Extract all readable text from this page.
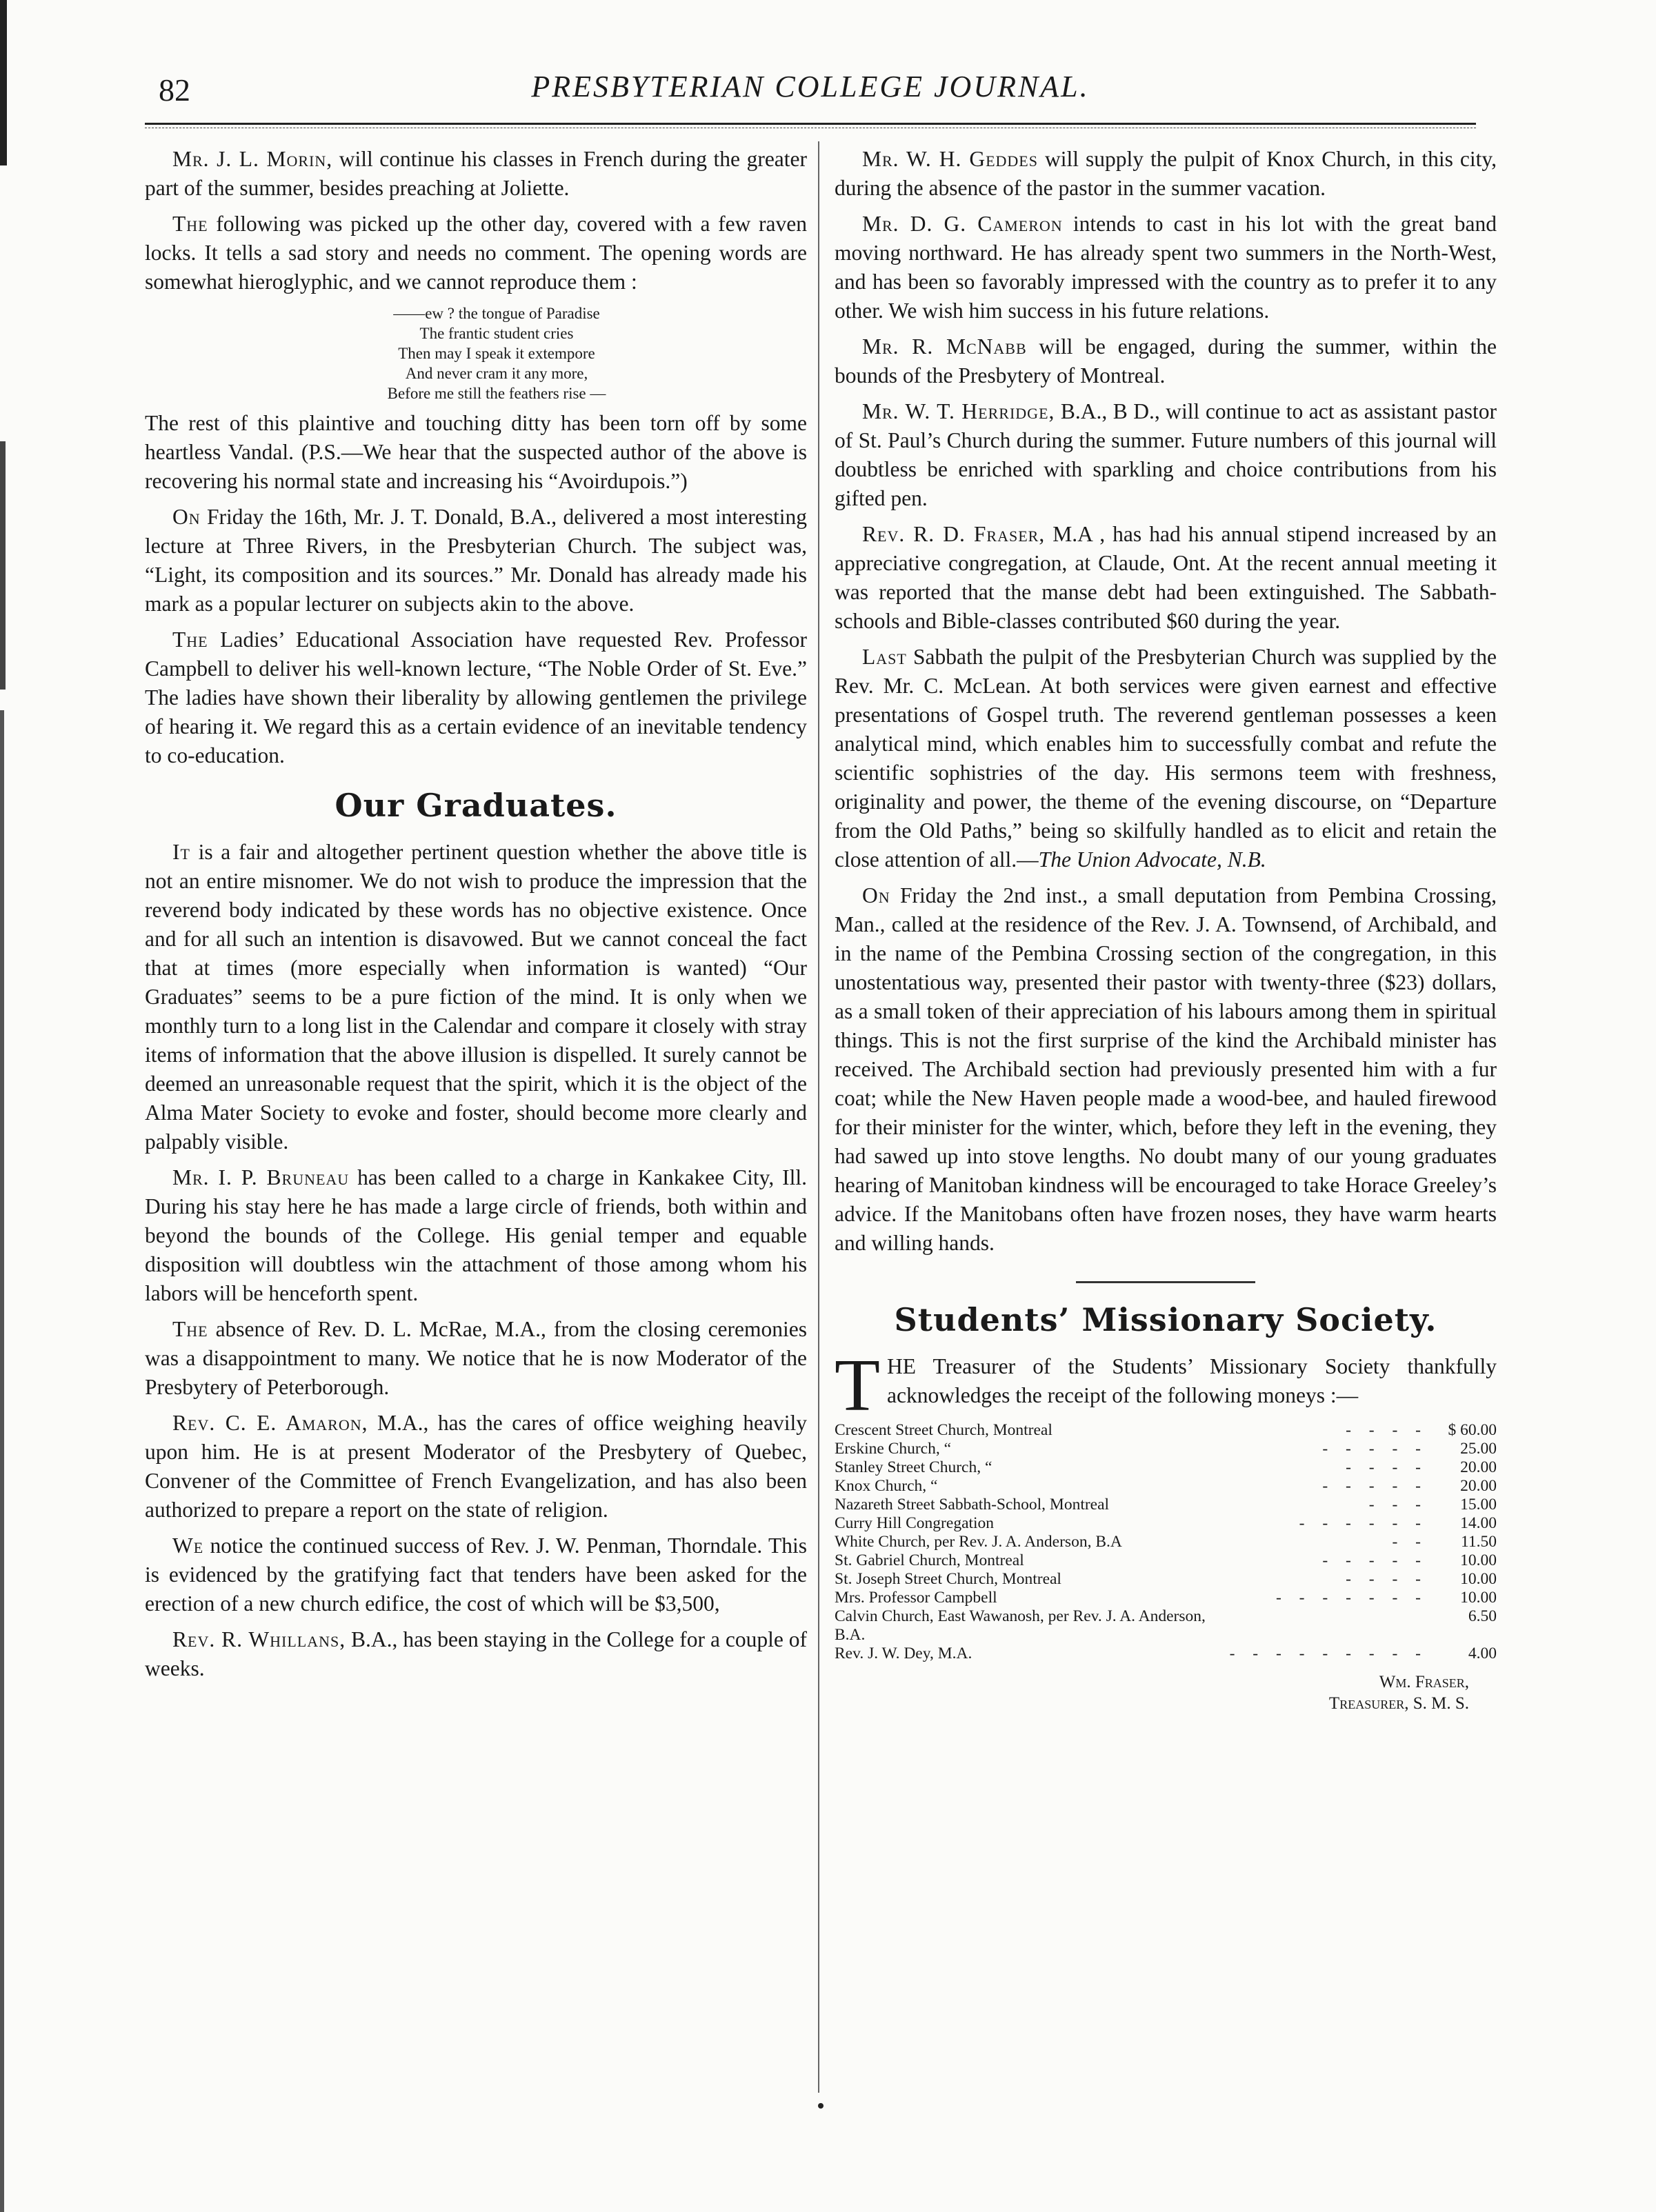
82	PRESBYTERIAN COLLEGE JOURNAL.

Mr. J. L. Morin, will continue his classes in French during the greater part of the summer, besides preaching at Joliette.

The following was picked up the other day, covered with a few raven locks. It tells a sad story and needs no comment. The opening words are somewhat hieroglyphic, and we cannot reproduce them :

——ew ? the tongue of Paradise
The frantic student cries
Then may I speak it extempore
And never cram it any more,
Before me still the feathers rise —

The rest of this plaintive and touching ditty has been torn off by some heartless Vandal. (P.S.—We hear that the suspected author of the above is recovering his normal state and increasing his “Avoirdupois.”)

On Friday the 16th, Mr. J. T. Donald, B.A., delivered a most interesting lecture at Three Rivers, in the Presbyterian Church. The subject was, “Light, its composition and its sources.” Mr. Donald has already made his mark as a popular lecturer on subjects akin to the above.

The Ladies’ Educational Association have requested Rev. Professor Campbell to deliver his well-known lecture, “The Noble Order of St. Eve.” The ladies have shown their liberality by allowing gentlemen the privilege of hearing it. We regard this as a certain evidence of an inevitable tendency to co-education.

Our Graduates.

It is a fair and altogether pertinent question whether the above title is not an entire misnomer. We do not wish to produce the impression that the reverend body indicated by these words has no objective existence. Once and for all such an intention is disavowed. But we cannot conceal the fact that at times (more especially when information is wanted) “Our Graduates” seems to be a pure fiction of the mind. It is only when we monthly turn to a long list in the Calendar and compare it closely with stray items of information that the above illusion is dispelled. It surely cannot be deemed an unreasonable request that the spirit, which it is the object of the Alma Mater Society to evoke and foster, should become more clearly and palpably visible.

Mr. I. P. Bruneau has been called to a charge in Kankakee City, Ill. During his stay here he has made a large circle of friends, both within and beyond the bounds of the College. His genial temper and equable disposition will doubtless win the attachment of those among whom his labors will be henceforth spent.

The absence of Rev. D. L. McRae, M.A., from the closing ceremonies was a disappointment to many. We notice that he is now Moderator of the Presbytery of Peterborough.

Rev. C. E. Amaron, M.A., has the cares of office weighing heavily upon him. He is at present Moderator of the Presbytery of Quebec, Convener of the Committee of French Evangelization, and has also been authorized to prepare a report on the state of religion.

We notice the continued success of Rev. J. W. Penman, Thorndale. This is evidenced by the gratifying fact that tenders have been asked for the erection of a new church edifice, the cost of which will be $3,500,

Rev. R. Whillans, B.A., has been staying in the College for a couple of weeks.

Mr. W. H. Geddes will supply the pulpit of Knox Church, in this city, during the absence of the pastor in the summer vacation.

Mr. D. G. Cameron intends to cast in his lot with the great band moving northward. He has already spent two summers in the North-West, and has been so favorably impressed with the country as to prefer it to any other. We wish him success in his future relations.

Mr. R. McNabb will be engaged, during the summer, within the bounds of the Presbytery of Montreal.

Mr. W. T. Herridge, B.A., B D., will continue to act as assistant pastor of St. Paul’s Church during the summer. Future numbers of this journal will doubtless be enriched with sparkling and choice contributions from his gifted pen.

Rev. R. D. Fraser, M.A , has had his annual stipend increased by an appreciative congregation, at Claude, Ont. At the recent annual meeting it was reported that the manse debt had been extinguished. The Sabbath-schools and Bible-classes contributed $60 during the year.

Last Sabbath the pulpit of the Presbyterian Church was supplied by the Rev. Mr. C. McLean. At both services were given earnest and effective presentations of Gospel truth. The reverend gentleman possesses a keen analytical mind, which enables him to successfully combat and refute the scientific sophistries of the day. His sermons teem with freshness, originality and power, the theme of the evening discourse, on “Departure from the Old Paths,” being so skilfully handled as to elicit and retain the close attention of all.—The Union Advocate, N.B.

On Friday the 2nd inst., a small deputation from Pembina Crossing, Man., called at the residence of the Rev. J. A. Townsend, of Archibald, and in the name of the Pembina Crossing section of the congregation, in this unostentatious way, presented their pastor with twenty-three ($23) dollars, as a small token of their appreciation of his labours among them in spiritual things. This is not the first surprise of the kind the Archibald minister has received. The Archibald section had previously presented him with a fur coat; while the New Haven people made a wood-bee, and hauled firewood for their minister for the winter, which, before they left in the evening, they had sawed up into stove lengths. No doubt many of our young graduates hearing of Manitoban kindness will be encouraged to take Horace Greeley’s advice. If the Manitobans often have frozen noses, they have warm hearts and willing hands.

Students’ Missionary Society.
THE Treasurer of the Students’ Missionary Society thankfully acknowledges the receipt of the following moneys :—
Crescent Street Church, Montreal	- - - -	$ 60.00
Erskine Church, “	- - - - -	25.00
Stanley Street Church, “	- - - -	20.00
Knox Church, “	- - - - -	20.00
Nazareth Street Sabbath-School, Montreal	- - -	15.00
Curry Hill Congregation	- - - - - -	14.00
White Church, per Rev. J. A. Anderson, B.A	- -	11.50
St. Gabriel Church, Montreal	- - - - -	10.00
St. Joseph Street Church, Montreal	- - - -	10.00
Mrs. Professor Campbell	- - - - - - -	10.00
Calvin Church, East Wawanosh, per Rev. J. A. Anderson, B.A.		6.50
Rev. J. W. Dey, M.A.	- - - - - - - - -	4.00
Wm. Fraser,
Treasurer, S. M. S.
